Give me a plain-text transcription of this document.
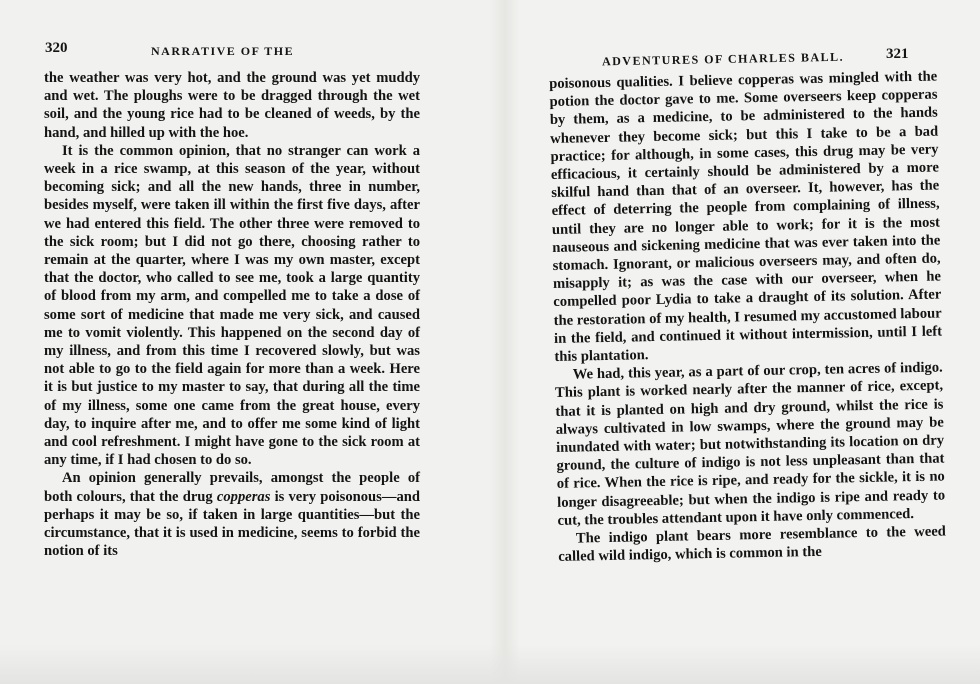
320	NARRATIVE OF THE

the weather was very hot, and the ground was yet muddy and wet. The ploughs were to be dragged through the wet soil, and the young rice had to be cleaned of weeds, by the hand, and hilled up with the hoe.

It is the common opinion, that no stranger can work a week in a rice swamp, at this season of the year, without becoming sick; and all the new hands, three in number, besides myself, were taken ill within the first five days, after we had entered this field. The other three were removed to the sick room; but I did not go there, choosing rather to remain at the quarter, where I was my own master, except that the doctor, who called to see me, took a large quantity of blood from my arm, and compelled me to take a dose of some sort of medicine that made me very sick, and caused me to vomit violently. This happened on the second day of my illness, and from this time I recovered slowly, but was not able to go to the field again for more than a week. Here it is but justice to my master to say, that during all the time of my illness, some one came from the great house, every day, to inquire after me, and to offer me some kind of light and cool refreshment. I might have gone to the sick room at any time, if I had chosen to do so.

An opinion generally prevails, amongst the people of both colours, that the drug copperas is very poisonous—and perhaps it may be so, if taken in large quantities—but the circumstance, that it is used in medicine, seems to forbid the notion of its

ADVENTURES OF CHARLES BALL.	321

poisonous qualities. I believe copperas was mingled with the potion the doctor gave to me. Some overseers keep copperas by them, as a medicine, to be administered to the hands whenever they become sick; but this I take to be a bad practice; for although, in some cases, this drug may be very efficacious, it certainly should be administered by a more skilful hand than that of an overseer. It, however, has the effect of deterring the people from complaining of illness, until they are no longer able to work; for it is the most nauseous and sickening medicine that was ever taken into the stomach. Ignorant, or malicious overseers may, and often do, misapply it; as was the case with our overseer, when he compelled poor Lydia to take a draught of its solution. After the restoration of my health, I resumed my accustomed labour in the field, and continued it without intermission, until I left this plantation.

We had, this year, as a part of our crop, ten acres of indigo. This plant is worked nearly after the manner of rice, except, that it is planted on high and dry ground, whilst the rice is always cultivated in low swamps, where the ground may be inundated with water; but notwithstanding its location on dry ground, the culture of indigo is not less unpleasant than that of rice. When the rice is ripe, and ready for the sickle, it is no longer disagreeable; but when the indigo is ripe and ready to cut, the troubles attendant upon it have only commenced.

The indigo plant bears more resemblance to the weed called wild indigo, which is common in the
